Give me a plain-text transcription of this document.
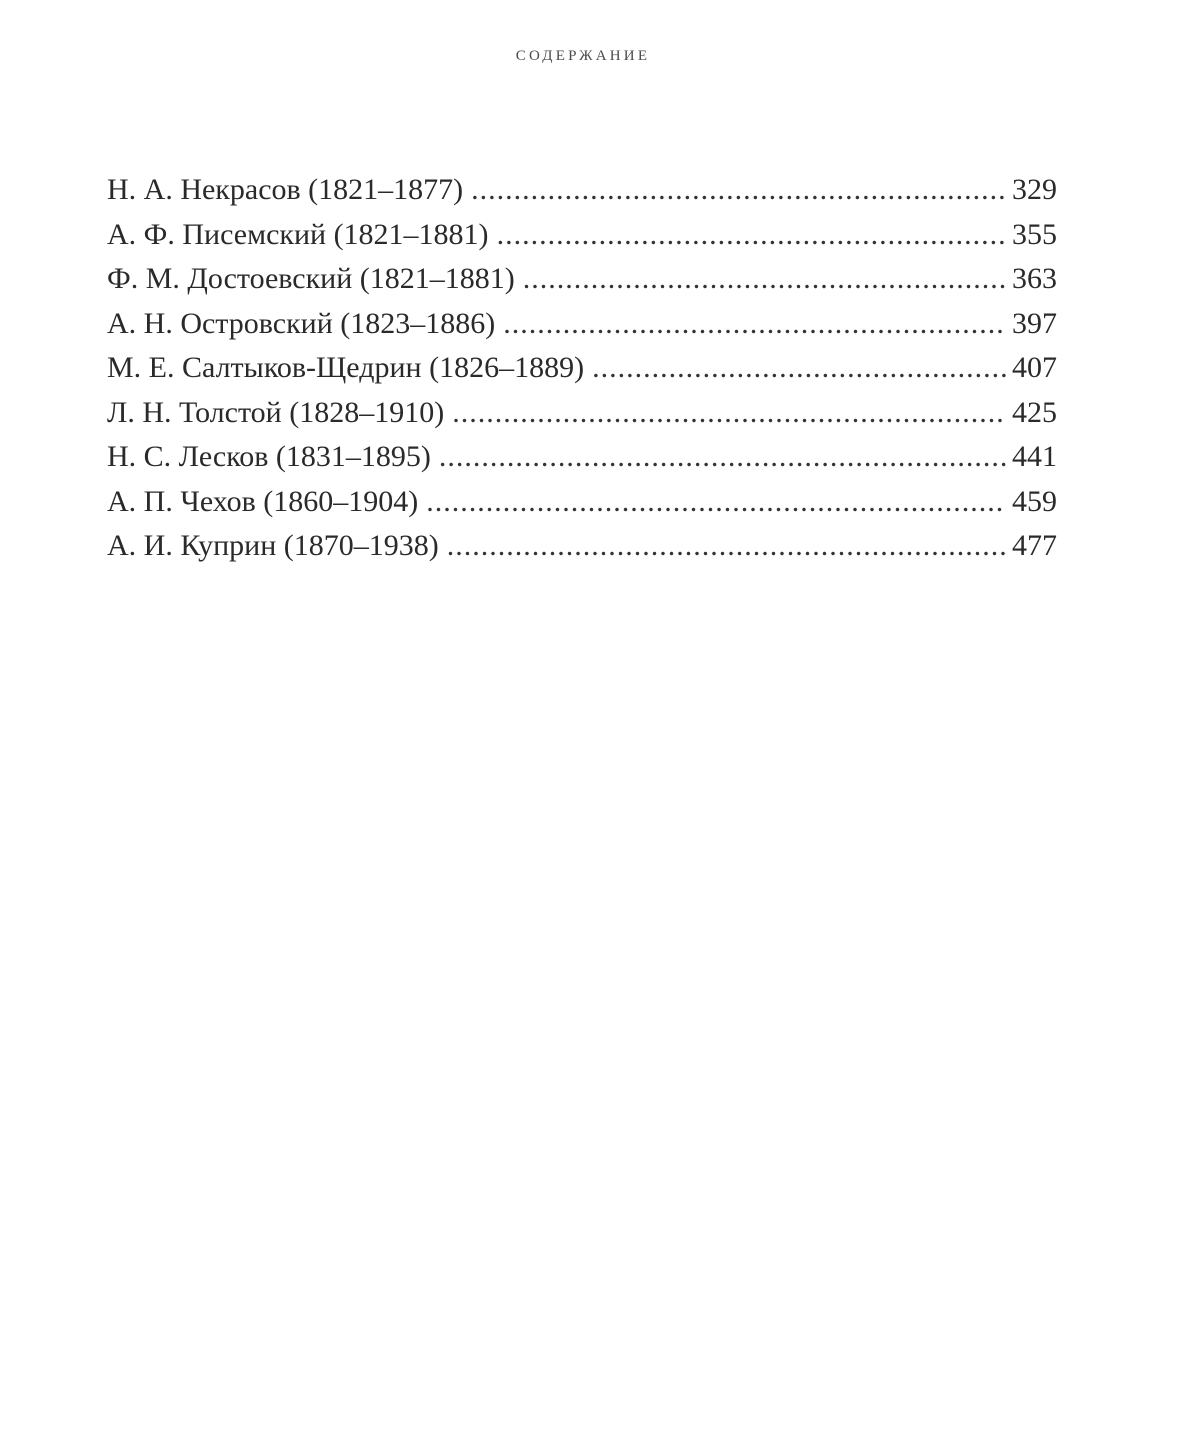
СОДЕРЖАНИЕ
Н. А. Некрасов (1821–1877) .....	329
А. Ф. Писемский (1821–1881) .....	355
Ф. М. Достоевский (1821–1881) .....	363
А. Н. Островский (1823–1886) .....	397
М. Е. Салтыков-Щедрин (1826–1889) .....	407
Л. Н. Толстой (1828–1910) .....	425
Н. С. Лесков (1831–1895) .....	441
А. П. Чехов (1860–1904) .....	459
А. И. Куприн (1870–1938) .....	477
